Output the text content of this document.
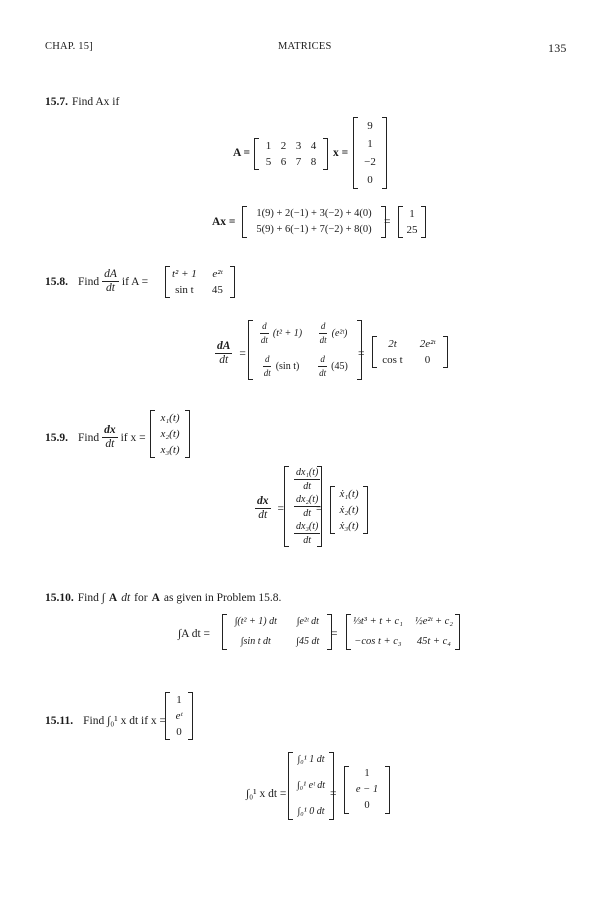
CHAP. 15]	MATRICES	135
15.7. Find Ax if
A =
1 2 3 4
5 6 7 8
x =
9
1
−2
0
Ax =
1(9) + 2(−1) + 3(−2) + 4(0)
5(9) + 6(−1) + 7(−2) + 8(0)
=
1
25
15.8. Find $\frac{dA}{dt}$ if A =
t² + 1 e²ᵗ
sin t 45
$\frac{dA}{dt}$ =
$\frac{d}{dt} (t^2 + 1) \frac{d}{dt}$ (e²ᵗ)
$\frac{d}{dt} (\sin$ $t) \frac{d}{dt} (45)$
=
2t 2e²ᵗ
cos t 0
15.9. Find $\frac{dx}{dt}$ if x =
x₁(t)
x₂(t)
x₃(t)
$\frac{dx}{dt}$ =
$\frac{\text{dx₁(t)}}{dt}$
$\frac{\text{dx₂(t)}}{dt}$
$\frac{\text{dx₃(t)}}{dt}$
=
ẋ₁(t)
ẋ₂(t)
ẋ₃(t)
15.10. Find ∫ A dt for A as given in Problem 15.8.
∫A dt =
∫(t² + 1) dt ∫e²ᵗ dt
∫sin t dt	∫45 dt
=
⅓t³ + t + c₁ ½e²ᵗ + c₂
−cos t + c₃ 45t + c₄
15.11. Find ∫₀¹ x dt if x =
1
eᵗ
0
∫₀¹ x dt =
∫₀¹ 1 dt
∫₀¹ eᵗ dt
∫₀¹ 0 dt
=
1
e − 1
0
